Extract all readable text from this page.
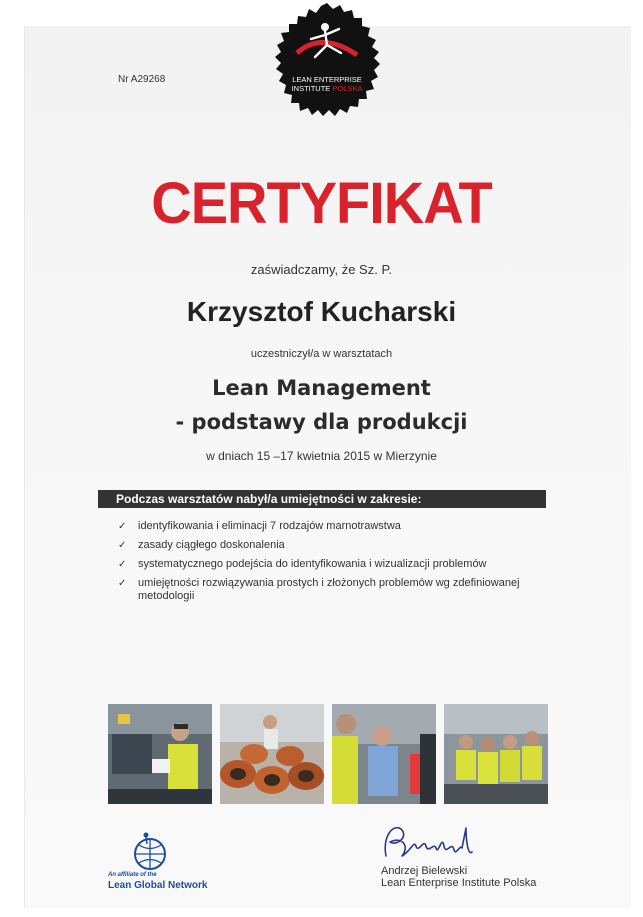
LEAN ENTERPRISE
INSTITUTE POLSKA
Nr A29268
CERTYFIKAT
zaświadczamy, że Sz. P.
Krzysztof Kucharski
uczestniczył/a w warsztatach
Lean Management
- podstawy dla produkcji
w dniach 15 –17 kwietnia 2015 w Mierzynie
Podczas warsztatów nabył/a umiejętności w zakresie:
✓ identyfikowania i eliminacji 7 rodzajów marnotrawstwa
✓ zasady ciągłego doskonalenia
✓ systematycznego podejścia do identyfikowania i wizualizacji problemów
✓ umiejętności rozwiązywania prostych i złożonych problemów wg zdefiniowanej metodologii
An affiliate of the
Lean Global Network
Andrzej Bielewski
Lean Enterprise Institute Polska
